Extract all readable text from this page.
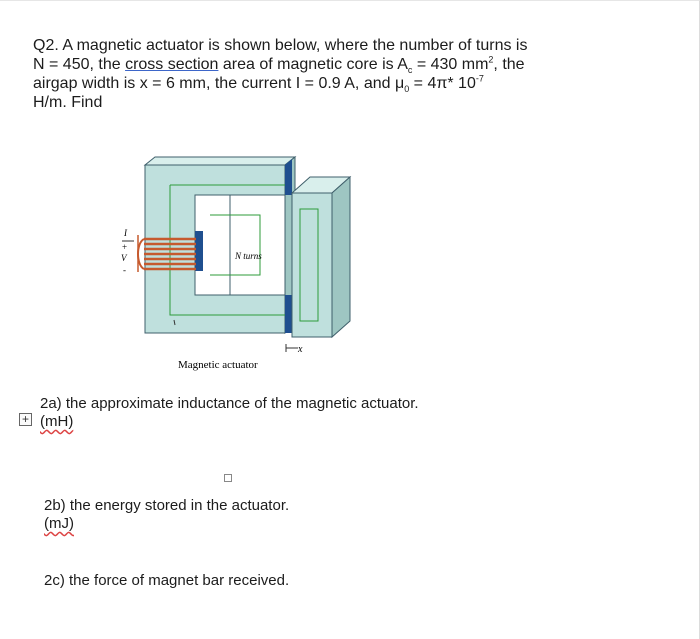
Q2. A magnetic actuator is shown below, where the number of turns is
N = 450, the cross section area of magnetic core is $A_c = 430$ $mm^2$, the
airgap width is x = 6 mm, the current I = 0.9 A, and $\mu_0 = 4\pi*$ $10^{-7}$
H/m. Find
I
+
V
-
N turns
x
Magnetic actuator
2a) the approximate inductance of the magnetic actuator.
+ (mH)
2b) the energy stored in the actuator.
(mJ)
2c) the force of magnet bar received.
